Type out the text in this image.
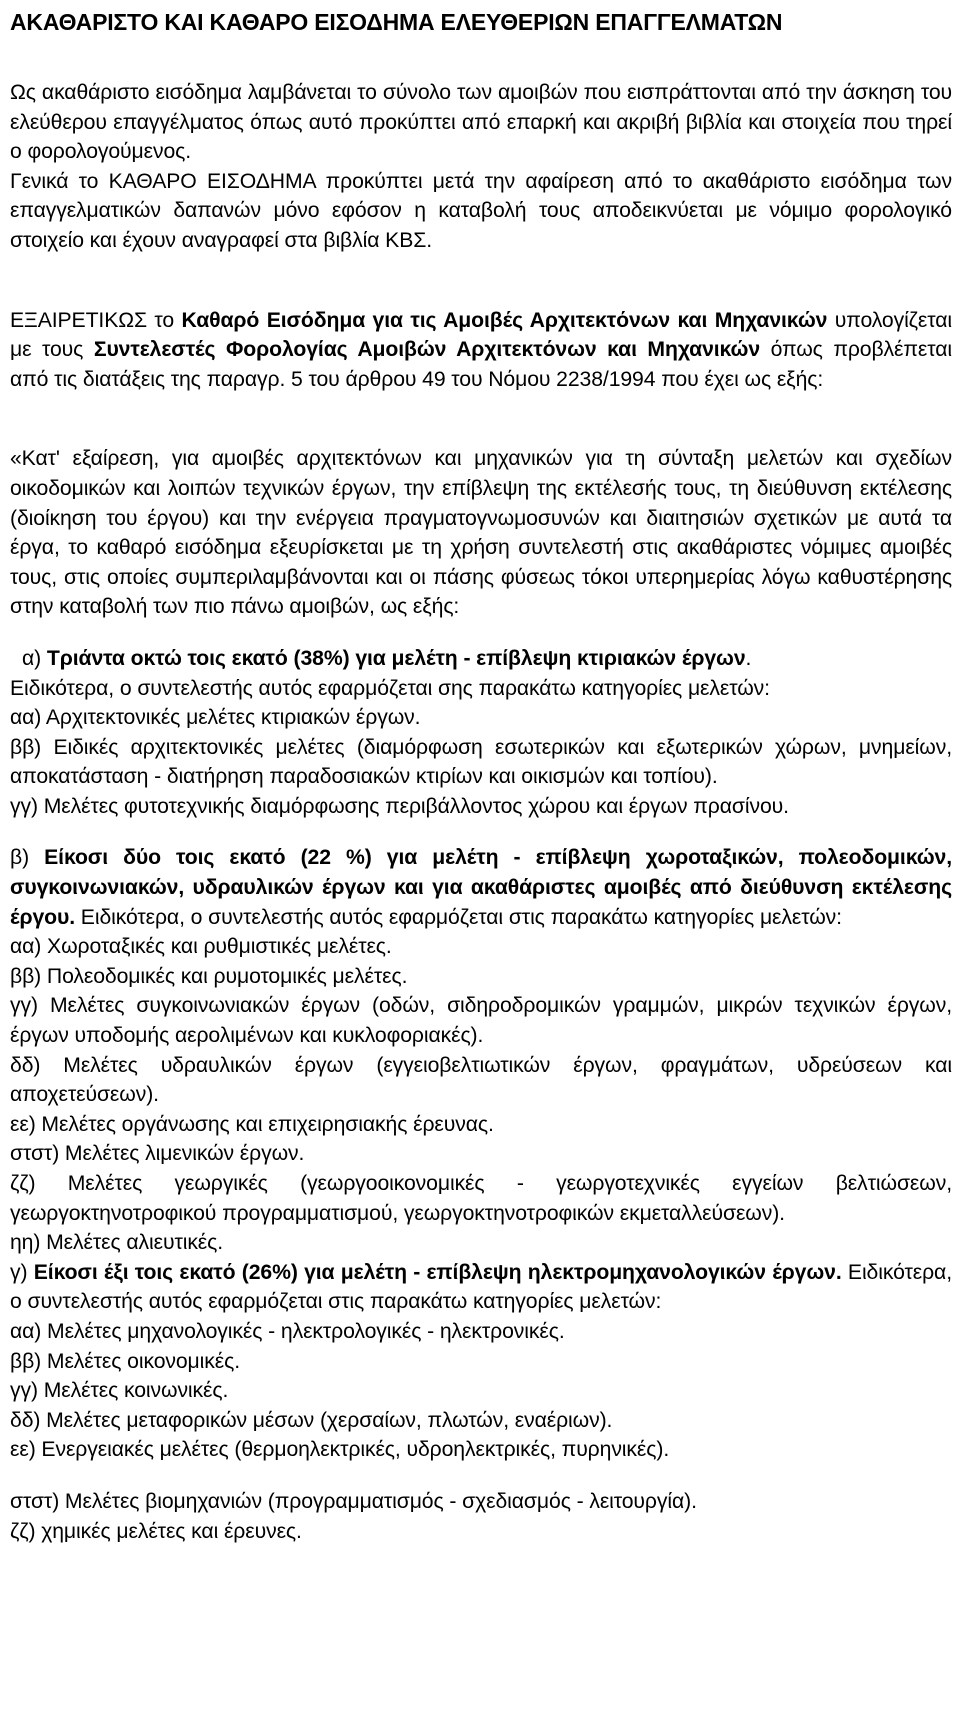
ΑΚΑΘΑΡΙΣΤΟ ΚΑΙ ΚΑΘΑΡΟ ΕΙΣΟΔΗΜΑ ΕΛΕΥΘΕΡΙΩΝ ΕΠΑΓΓΕΛΜΑΤΩΝ

Ως ακαθάριστο εισόδημα λαμβάνεται το σύνολο των αμοιβών που εισπράττονται από την άσκηση του ελεύθερου επαγγέλματος όπως αυτό προκύπτει από επαρκή και ακριβή βιβλία και στοιχεία που τηρεί ο φορολογούμενος.

Γενικά το ΚΑΘΑΡΟ ΕΙΣΟΔΗΜΑ προκύπτει μετά την αφαίρεση από το ακαθάριστο εισόδημα των επαγγελματικών δαπανών μόνο εφόσον η καταβολή τους αποδεικνύεται με νόμιμο φορολογικό στοιχείο και έχουν αναγραφεί στα βιβλία ΚΒΣ.

ΕΞΑΙΡΕΤΙΚΩΣ το Καθαρό Εισόδημα για τις Αμοιβές Αρχιτεκτόνων και Μηχανικών υπολογίζεται με τους Συντελεστές Φορολογίας Αμοιβών Αρχιτεκτόνων και Μηχανικών όπως προβλέπεται από τις διατάξεις της παραγρ. 5 του άρθρου 49 του Νόμου 2238/1994 που έχει ως εξής:

«Κατ' εξαίρεση, για αμοιβές αρχιτεκτόνων και μηχανικών για τη σύνταξη μελετών και σχεδίων οικοδομικών και λοιπών τεχνικών έργων, την επίβλεψη της εκτέλεσής τους, τη διεύθυνση εκτέλεσης (διοίκηση του έργου) και την ενέργεια πραγματογνωμοσυνών και διαιτησιών σχετικών με αυτά τα έργα, το καθαρό εισόδημα εξευρίσκεται με τη χρήση συντελεστή στις ακαθάριστες νόμιμες αμοιβές τους, στις οποίες συμπεριλαμβάνονται και οι πάσης φύσεως τόκοι υπερημερίας λόγω καθυστέρησης στην καταβολή των πιο πάνω αμοιβών, ως εξής:

α) Τριάντα οκτώ τοις εκατό (38%) για μελέτη - επίβλεψη κτιριακών έργων.

Ειδικότερα, ο συντελεστής αυτός εφαρμόζεται σης παρακάτω κατηγορίες μελετών:

αα) Αρχιτεκτονικές μελέτες κτιριακών έργων.

ββ) Ειδικές αρχιτεκτονικές μελέτες (διαμόρφωση εσωτερικών και εξωτερικών χώρων, μνημείων, αποκατάσταση - διατήρηση παραδοσιακών κτιρίων και οικισμών και τοπίου).

γγ) Μελέτες φυτοτεχνικής διαμόρφωσης περιβάλλοντος χώρου και έργων πρασίνου.

β) Είκοσι δύο τοις εκατό (22 %) για μελέτη - επίβλεψη χωροταξικών, πολεοδομικών, συγκοινωνιακών, υδραυλικών έργων και για ακαθάριστες αμοιβές από διεύθυνση εκτέλεσης έργου. Ειδικότερα, ο συντελεστής αυτός εφαρμόζεται στις παρακάτω κατηγορίες μελετών:

αα) Χωροταξικές και ρυθμιστικές μελέτες.

ββ) Πολεοδομικές και ρυμοτομικές μελέτες.

γγ) Μελέτες συγκοινωνιακών έργων (οδών, σιδηροδρομικών γραμμών, μικρών τεχνικών έργων, έργων υποδομής αερολιμένων και κυκλοφοριακές).

δδ) Μελέτες υδραυλικών έργων (εγγειοβελτιωτικών έργων, φραγμάτων, υδρεύσεων και αποχετεύσεων).

εε) Μελέτες οργάνωσης και επιχειρησιακής έρευνας.

στστ) Μελέτες λιμενικών έργων.

ζζ) Μελέτες γεωργικές (γεωργοοικονομικές - γεωργοτεχνικές εγγείων βελτιώσεων, γεωργοκτηνοτροφικού προγραμματισμού, γεωργοκτηνοτροφικών εκμεταλλεύσεων).

ηη) Μελέτες αλιευτικές.

γ) Είκοσι έξι τοις εκατό (26%) για μελέτη - επίβλεψη ηλεκτρομηχανολογικών έργων. Ειδικότερα, ο συντελεστής αυτός εφαρμόζεται στις παρακάτω κατηγορίες μελετών:

αα) Μελέτες μηχανολογικές - ηλεκτρολογικές - ηλεκτρονικές.

ββ) Μελέτες οικονομικές.

γγ) Μελέτες κοινωνικές.

δδ) Μελέτες μεταφορικών μέσων (χερσαίων, πλωτών, εναέριων).

εε) Ενεργειακές μελέτες (θερμοηλεκτρικές, υδροηλεκτρικές, πυρηνικές).

στστ) Μελέτες βιομηχανιών (προγραμματισμός - σχεδιασμός - λειτουργία).

ζζ) χημικές μελέτες και έρευνες.
